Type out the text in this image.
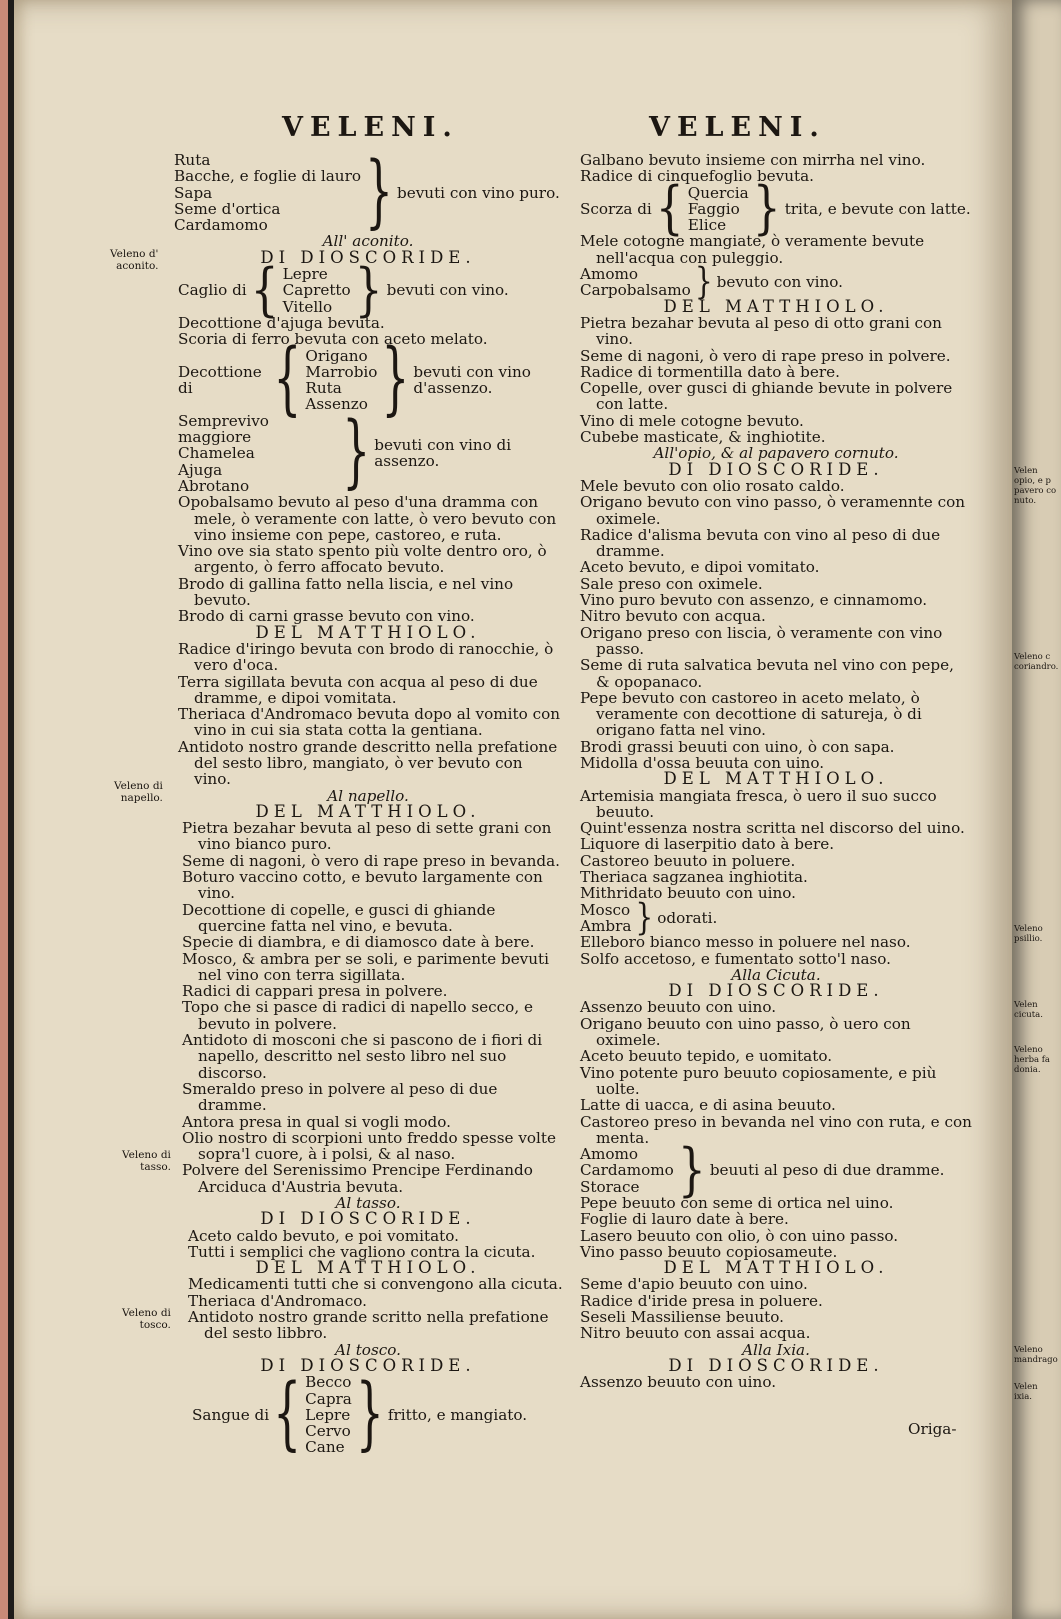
VELENI.	VELENI.
Veleno d'
aconito.
Veleno di
napello.
Veleno di
tasso.
Veleno di
tosco.
Ruta
Bacche, e foglie di lauro
Sapa
Seme d'ortica
Cardamomo	} bevuti con vino puro.

All' aconito.

DI DIOSCORIDE.

Caglio di { Lepre
Capretto
Vitello } bevuti con vino.

Decottione d'ajuga bevuta.

Scoria di ferro bevuta con aceto melato.

Decottione di	{ Origano
Marrobio
Ruta
Assenzo } bevuti con vino d'assenzo.
Semprevivo maggiore
Chamelea
Ajuga
Abrotano	} bevuti con vino di assenzo.

Opobalsamo bevuto al peso d'una dramma con mele, ò veramente con latte, ò vero bevuto con vino insieme con pepe, castoreo, e ruta.

Vino ove sia stato spento più volte dentro oro, ò argento, ò ferro affocato bevuto.

Brodo di gallina fatto nella liscia, e nel vino bevuto.

Brodo di carni grasse bevuto con vino.

DEL MATTHIOLO.

Radice d'iringo bevuta con brodo di ranocchie, ò vero d'oca.

Terra sigillata bevuta con acqua al peso di due dramme, e dipoi vomitata.

Theriaca d'Andromaco bevuta dopo al vomito con vino in cui sia stata cotta la gentiana.

Antidoto nostro grande descritto nella prefatione del sesto libro, mangiato, ò ver bevuto con vino.

Al napello.

DEL MATTHIOLO.

Pietra bezahar bevuta al peso di sette grani con vino bianco puro.

Seme di nagoni, ò vero di rape preso in bevanda.

Boturo vaccino cotto, e bevuto largamente con vino.

Decottione di copelle, e gusci di ghiande quercine fatta nel vino, e bevuta.

Specie di diambra, e di diamosco date à bere.

Mosco, & ambra per se soli, e parimente bevuti nel vino con terra sigillata.

Radici di cappari presa in polvere.

Topo che si pasce di radici di napello secco, e bevuto in polvere.

Antidoto di mosconi che si pascono de i fiori di napello, descritto nel sesto libro nel suo discorso.

Smeraldo preso in polvere al peso di due dramme.

Antora presa in qual si vogli modo.

Olio nostro di scorpioni unto freddo spesse volte sopra'l cuore, à i polsi, & al naso.

Polvere del Serenissimo Prencipe Ferdinando Arciduca d'Austria bevuta.

Al tasso.

DI DIOSCORIDE.

Aceto caldo bevuto, e poi vomitato.

Tutti i semplici che vagliono contra la cicuta.

DEL MATTHIOLO.

Medicamenti tutti che si convengono alla cicuta.

Theriaca d'Andromaco.

Antidoto nostro grande scritto nella prefatione del sesto libbro.

Al tosco.

DI DIOSCORIDE.

Sangue di { Becco
Capra
Lepre
Cervo
Cane } fritto, e mangiato.

Galbano bevuto insieme con mirrha nel vino.

Radice di cinquefoglio bevuta.

Scorza di { Quercia
Faggio
Elice } trita, e bevute con latte.

Mele cotogne mangiate, ò veramente bevute nell'acqua con puleggio.

Amomo
Carpobalsamo } bevuto con vino.

DEL MATTHIOLO.

Pietra bezahar bevuta al peso di otto grani con vino.

Seme di nagoni, ò vero di rape preso in polvere.

Radice di tormentilla dato à bere.

Copelle, over gusci di ghiande bevute in polvere con latte.

Vino di mele cotogne bevuto.

Cubebe masticate, & inghiotite.

All'opio, & al papavero cornuto.

DI DIOSCORIDE.

Mele bevuto con olio rosato caldo.

Origano bevuto con vino passo, ò veramennte con oximele.

Radice d'alisma bevuta con vino al peso di due dramme.

Aceto bevuto, e dipoi vomitato.

Sale preso con oximele.

Vino puro bevuto con assenzo, e cinnamomo.

Nitro bevuto con acqua.

Origano preso con liscia, ò veramente con vino passo.

Seme di ruta salvatica bevuta nel vino con pepe, & opopanaco.

Pepe bevuto con castoreo in aceto melato, ò veramente con decottione di satureja, ò di origano fatta nel vino.

Brodi grassi beuuti con uino, ò con sapa.

Midolla d'ossa beuuta con uino.

DEL MATTHIOLO.

Artemisia mangiata fresca, ò uero il suo succo beuuto.

Quint'essenza nostra scritta nel discorso del uino.

Liquore di laserpitio dato à bere.

Castoreo beuuto in poluere.

Theriaca sagzanea inghiotita.

Mithridato beuuto con uino.

Mosco
Ambra } odorati.

Elleboro bianco messo in poluere nel naso.

Solfo accetoso, e fumentato sotto'l naso.

Alla Cicuta.

DI DIOSCORIDE.

Assenzo beuuto con uino.

Origano beuuto con uino passo, ò uero con oximele.

Aceto beuuto tepido, e uomitato.

Vino potente puro beuuto copiosamente, e più uolte.

Latte di uacca, e di asina beuuto.

Castoreo preso in bevanda nel vino con ruta, e con menta.

Amomo
Cardamomo
Storace } beuuti al peso di due dramme.

Pepe beuuto con seme di ortica nel uino.

Foglie di lauro date à bere.

Lasero beuuto con olio, ò con uino passo.

Vino passo beuuto copiosameute.

DEL MATTHIOLO.

Seme d'apio beuuto con uino.

Radice d'iride presa in poluere.

Seseli Massiliense beuuto.

Nitro beuuto con assai acqua.

Alla Ixia.

DI DIOSCORIDE.

Assenzo beuuto con uino.

Origa-
Velen
opio, e p
pavero co
nuto.
Veleno c
coriandro.
Veleno
psillio.
Velen
cicuta.
Veleno
herba fa
donia.
Veleno
mandrago
Velen
ixia.
